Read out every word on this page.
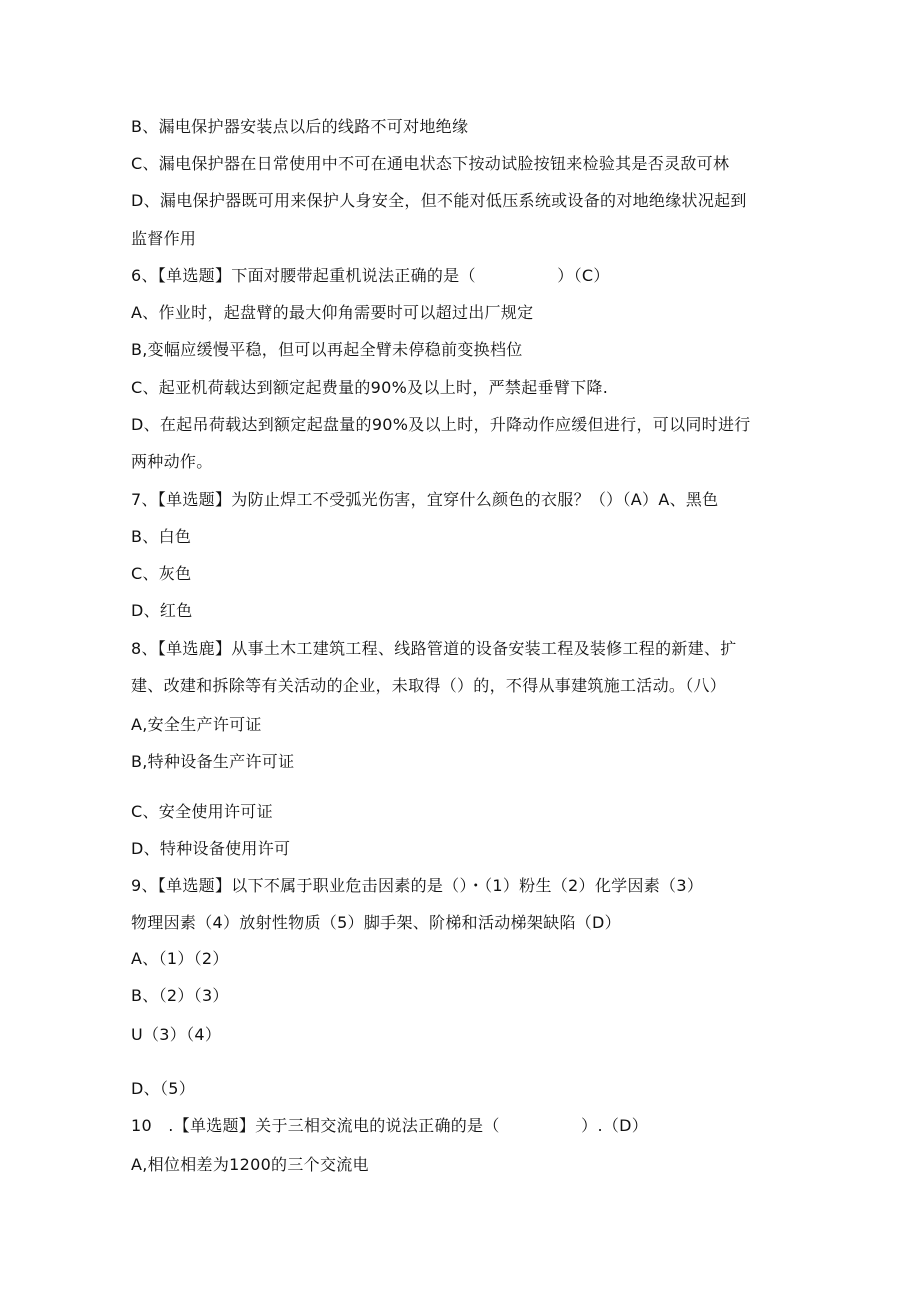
B、漏电保护器安装点以后的线路不可对地绝缘

C、漏电保护器在日常使用中不可在通电状态下按动试脸按钮来检验其是否灵敌可林

D、漏电保护器既可用来保护人身安全，但不能对低压系统或设备的对地绝缘状况起到

监督作用

6、【单选题】下面对腰带起重机说法正确的是（　　　　　）（C）

A、作业时，起盘臂的最大仰角需要时可以超过出厂规定

B,变幅应缓慢平稳，但可以再起全臂未停稳前变换档位

C、起亚机荷载达到额定起费量的90%及以上时，严禁起垂臂下降.

D、在起吊荷载达到额定起盘量的90%及以上时，升降动作应缓但进行，可以同时进行

两种动作。

7、【单选题】为防止焊工不受弧光伤害，宜穿什么颜色的衣服？（）（A）A、黑色

B、白色

C、灰色

D、红色

8、【单选鹿】从事土木工建筑工程、线路管道的设备安装工程及装修工程的新建、扩

建、改建和拆除等有关活动的企业，未取得（）的，不得从事建筑施工活动。（八）

A,安全生产许可证

B,特种设备生产许可证

C、安全使用许可证

D、特种设备使用许可

9、【单选题】以下不属于职业危击因素的是（）・（1）粉生（2）化学因素（3）

物理因素（4）放射性物质（5）脚手架、阶梯和活动梯架缺陷（D）

A、（1）（2）

B、（2）（3）

U（3）（4）

D、（5）

10　.【单选题】关于三相交流电的说法正确的是（　　　　　）.（D）

A,相位相差为1200的三个交流电
